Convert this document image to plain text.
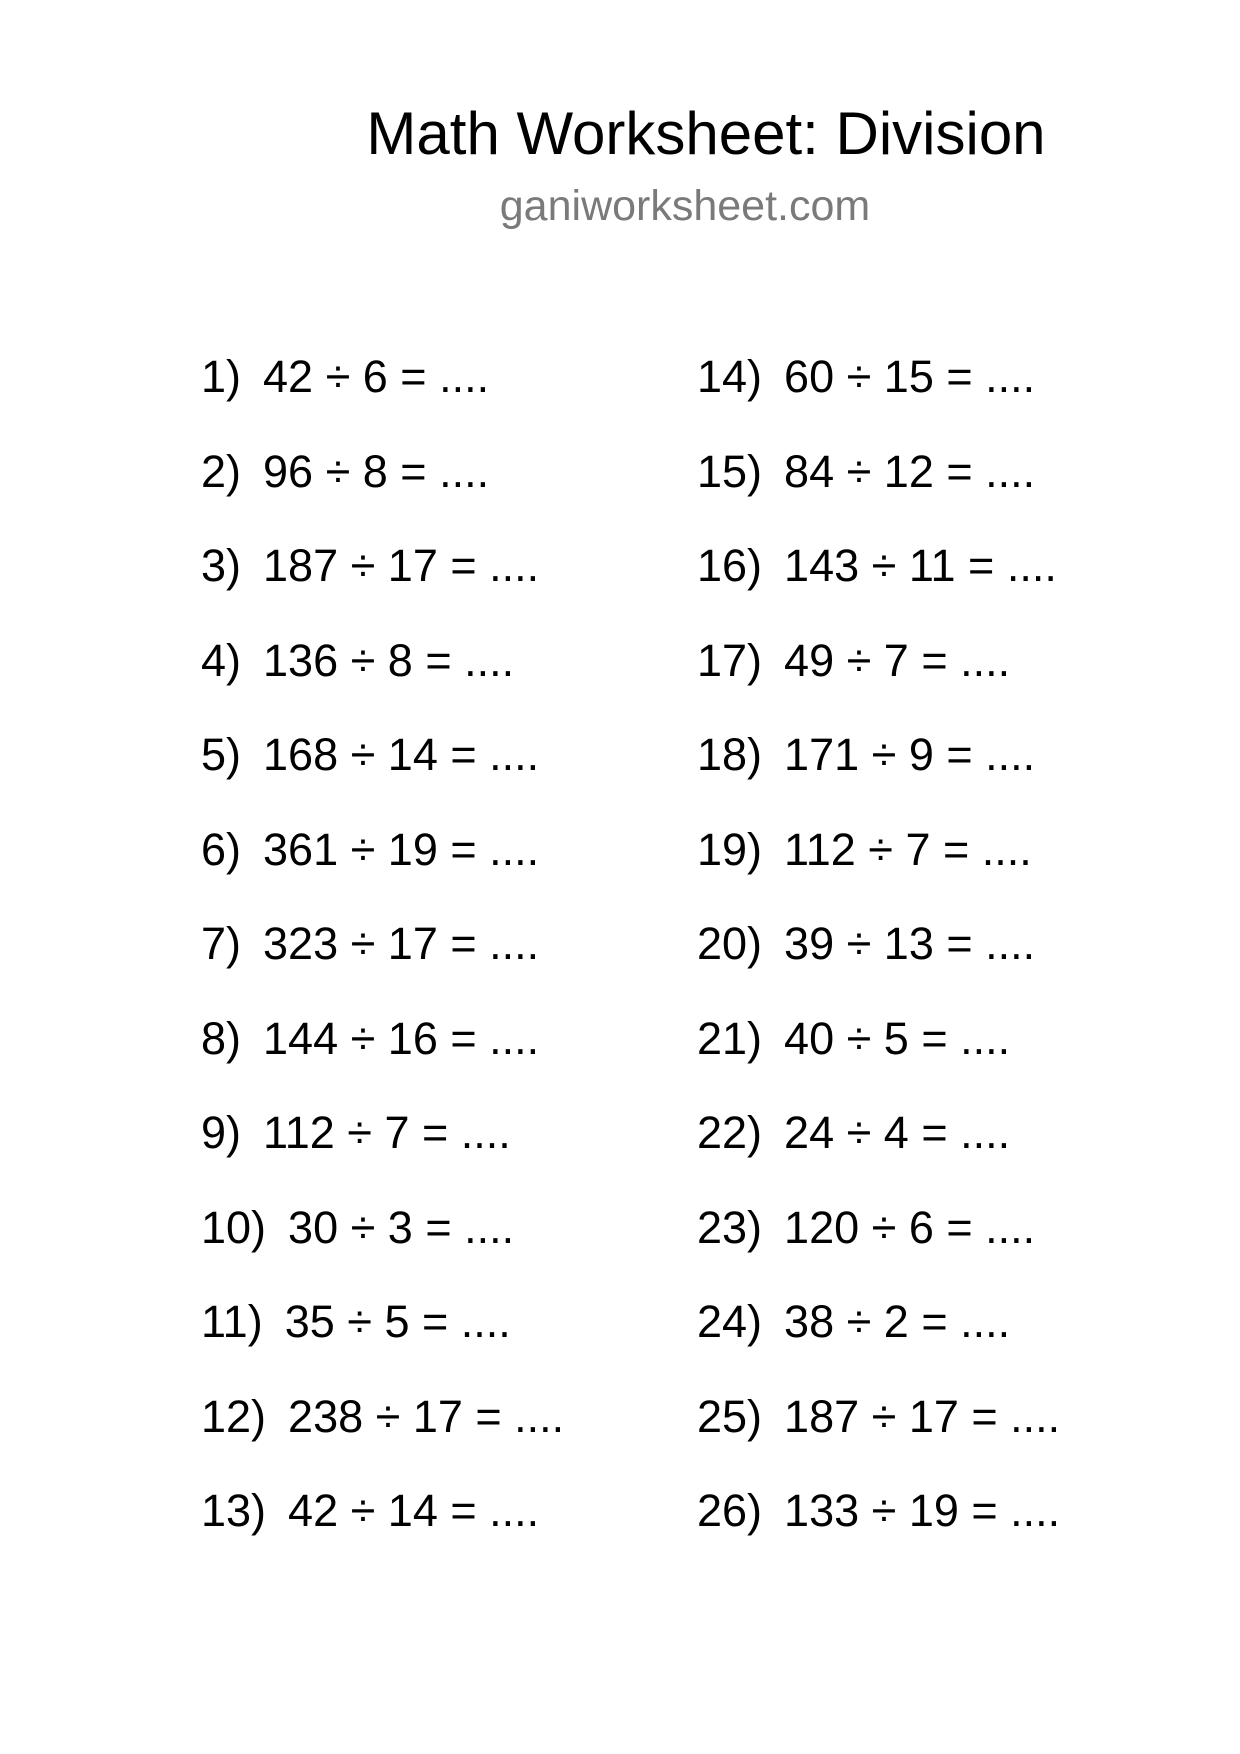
Math Worksheet: Division
ganiworksheet.com
1) 42 ÷ 6 = ....
2) 96 ÷ 8 = ....
3) 187 ÷ 17 = ....
4) 136 ÷ 8 = ....
5) 168 ÷ 14 = ....
6) 361 ÷ 19 = ....
7) 323 ÷ 17 = ....
8) 144 ÷ 16 = ....
9) 112 ÷ 7 = ....
10) 30 ÷ 3 = ....
11) 35 ÷ 5 = ....
12) 238 ÷ 17 = ....
13) 42 ÷ 14 = ....
14) 60 ÷ 15 = ....
15) 84 ÷ 12 = ....
16) 143 ÷ 11 = ....
17) 49 ÷ 7 = ....
18) 171 ÷ 9 = ....
19) 112 ÷ 7 = ....
20) 39 ÷ 13 = ....
21) 40 ÷ 5 = ....
22) 24 ÷ 4 = ....
23) 120 ÷ 6 = ....
24) 38 ÷ 2 = ....
25) 187 ÷ 17 = ....
26) 133 ÷ 19 = ....
